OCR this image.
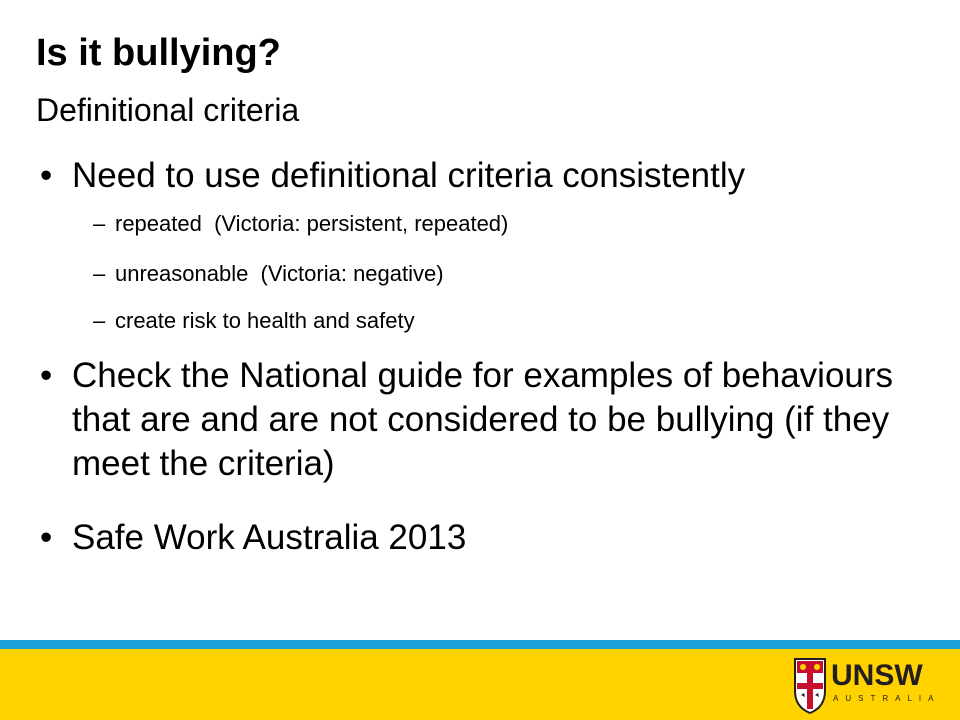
Is it bullying?
Definitional criteria
• Need to use definitional criteria consistently
– repeated  (Victoria: persistent, repeated)
– unreasonable  (Victoria: negative)
– create risk to health and safety
• Check the National guide for examples of behaviours that are and are not considered to be bullying (if they meet the criteria)
• Safe Work Australia 2013
UNSW
AUSTRALIA
